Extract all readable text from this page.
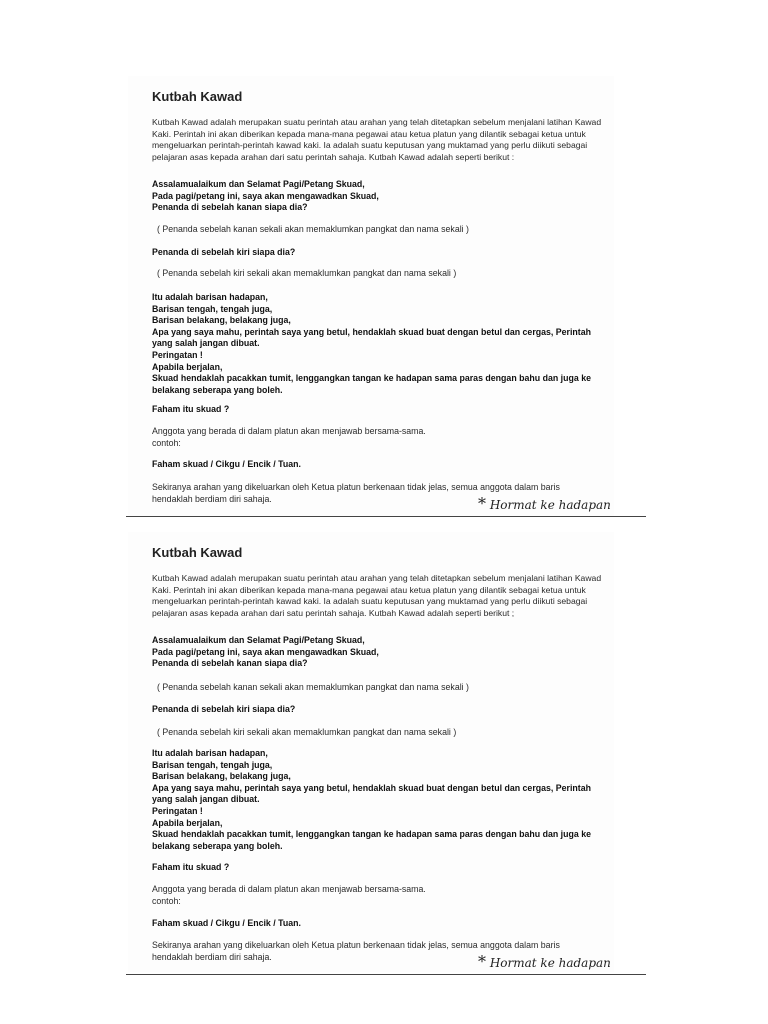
Kutbah Kawad
Kutbah Kawad adalah merupakan suatu perintah atau arahan yang telah ditetapkan sebelum menjalani latihan Kawad Kaki. Perintah ini akan diberikan kepada mana-mana pegawai atau ketua platun yang dilantik sebagai ketua untuk mengeluarkan perintah-perintah kawad kaki. Ia adalah suatu keputusan yang muktamad yang perlu diikuti sebagai pelajaran asas kepada arahan dari satu perintah sahaja. Kutbah Kawad adalah seperti berikut :
Assalamualaikum dan Selamat Pagi/Petang Skuad,
Pada pagi/petang ini, saya akan mengawadkan Skuad,
Penanda di sebelah kanan siapa dia?
( Penanda sebelah kanan sekali akan memaklumkan pangkat dan nama sekali )
Penanda di sebelah kiri siapa dia?
( Penanda sebelah kiri sekali akan memaklumkan pangkat dan nama sekali )
Itu adalah barisan hadapan,
Barisan tengah, tengah juga,
Barisan belakang, belakang juga,
Apa yang saya mahu, perintah saya yang betul, hendaklah skuad buat dengan betul dan cergas, Perintah
yang salah jangan dibuat.
Peringatan !
Apabila berjalan,
Skuad hendaklah pacakkan tumit, lenggangkan tangan ke hadapan sama paras dengan bahu dan juga ke
belakang seberapa yang boleh.
Faham itu skuad ?
Anggota yang berada di dalam platun akan menjawab bersama-sama.
contoh:
Faham skuad / Cikgu / Encik / Tuan.
Sekiranya arahan yang dikeluarkan oleh Ketua platun berkenaan tidak jelas, semua anggota dalam baris
hendaklah berdiam diri sahaja.	* Hormat ke hadapan
Kutbah Kawad
Kutbah Kawad adalah merupakan suatu perintah atau arahan yang telah ditetapkan sebelum menjalani latihan Kawad Kaki. Perintah ini akan diberikan kepada mana-mana pegawai atau ketua platun yang dilantik sebagai ketua untuk mengeluarkan perintah-perintah kawad kaki. Ia adalah suatu keputusan yang muktamad yang perlu diikuti sebagai pelajaran asas kepada arahan dari satu perintah sahaja. Kutbah Kawad adalah seperti berikut ;
Assalamualaikum dan Selamat Pagi/Petang Skuad,
Pada pagi/petang ini, saya akan mengawadkan Skuad,
Penanda di sebelah kanan siapa dia?
( Penanda sebelah kanan sekali akan memaklumkan pangkat dan nama sekali )
Penanda di sebelah kiri siapa dia?
( Penanda sebelah kiri sekali akan memaklumkan pangkat dan nama sekali )
Itu adalah barisan hadapan,
Barisan tengah, tengah juga,
Barisan belakang, belakang juga,
Apa yang saya mahu, perintah saya yang betul, hendaklah skuad buat dengan betul dan cergas, Perintah
yang salah jangan dibuat.
Peringatan !
Apabila berjalan,
Skuad hendaklah pacakkan tumit, lenggangkan tangan ke hadapan sama paras dengan bahu dan juga ke
belakang seberapa yang boleh.
Faham itu skuad ?
Anggota yang berada di dalam platun akan menjawab bersama-sama.
contoh:
Faham skuad / Cikgu / Encik / Tuan.
Sekiranya arahan yang dikeluarkan oleh Ketua platun berkenaan tidak jelas, semua anggota dalam baris
hendaklah berdiam diri sahaja.	* Hormat ke hadapan
